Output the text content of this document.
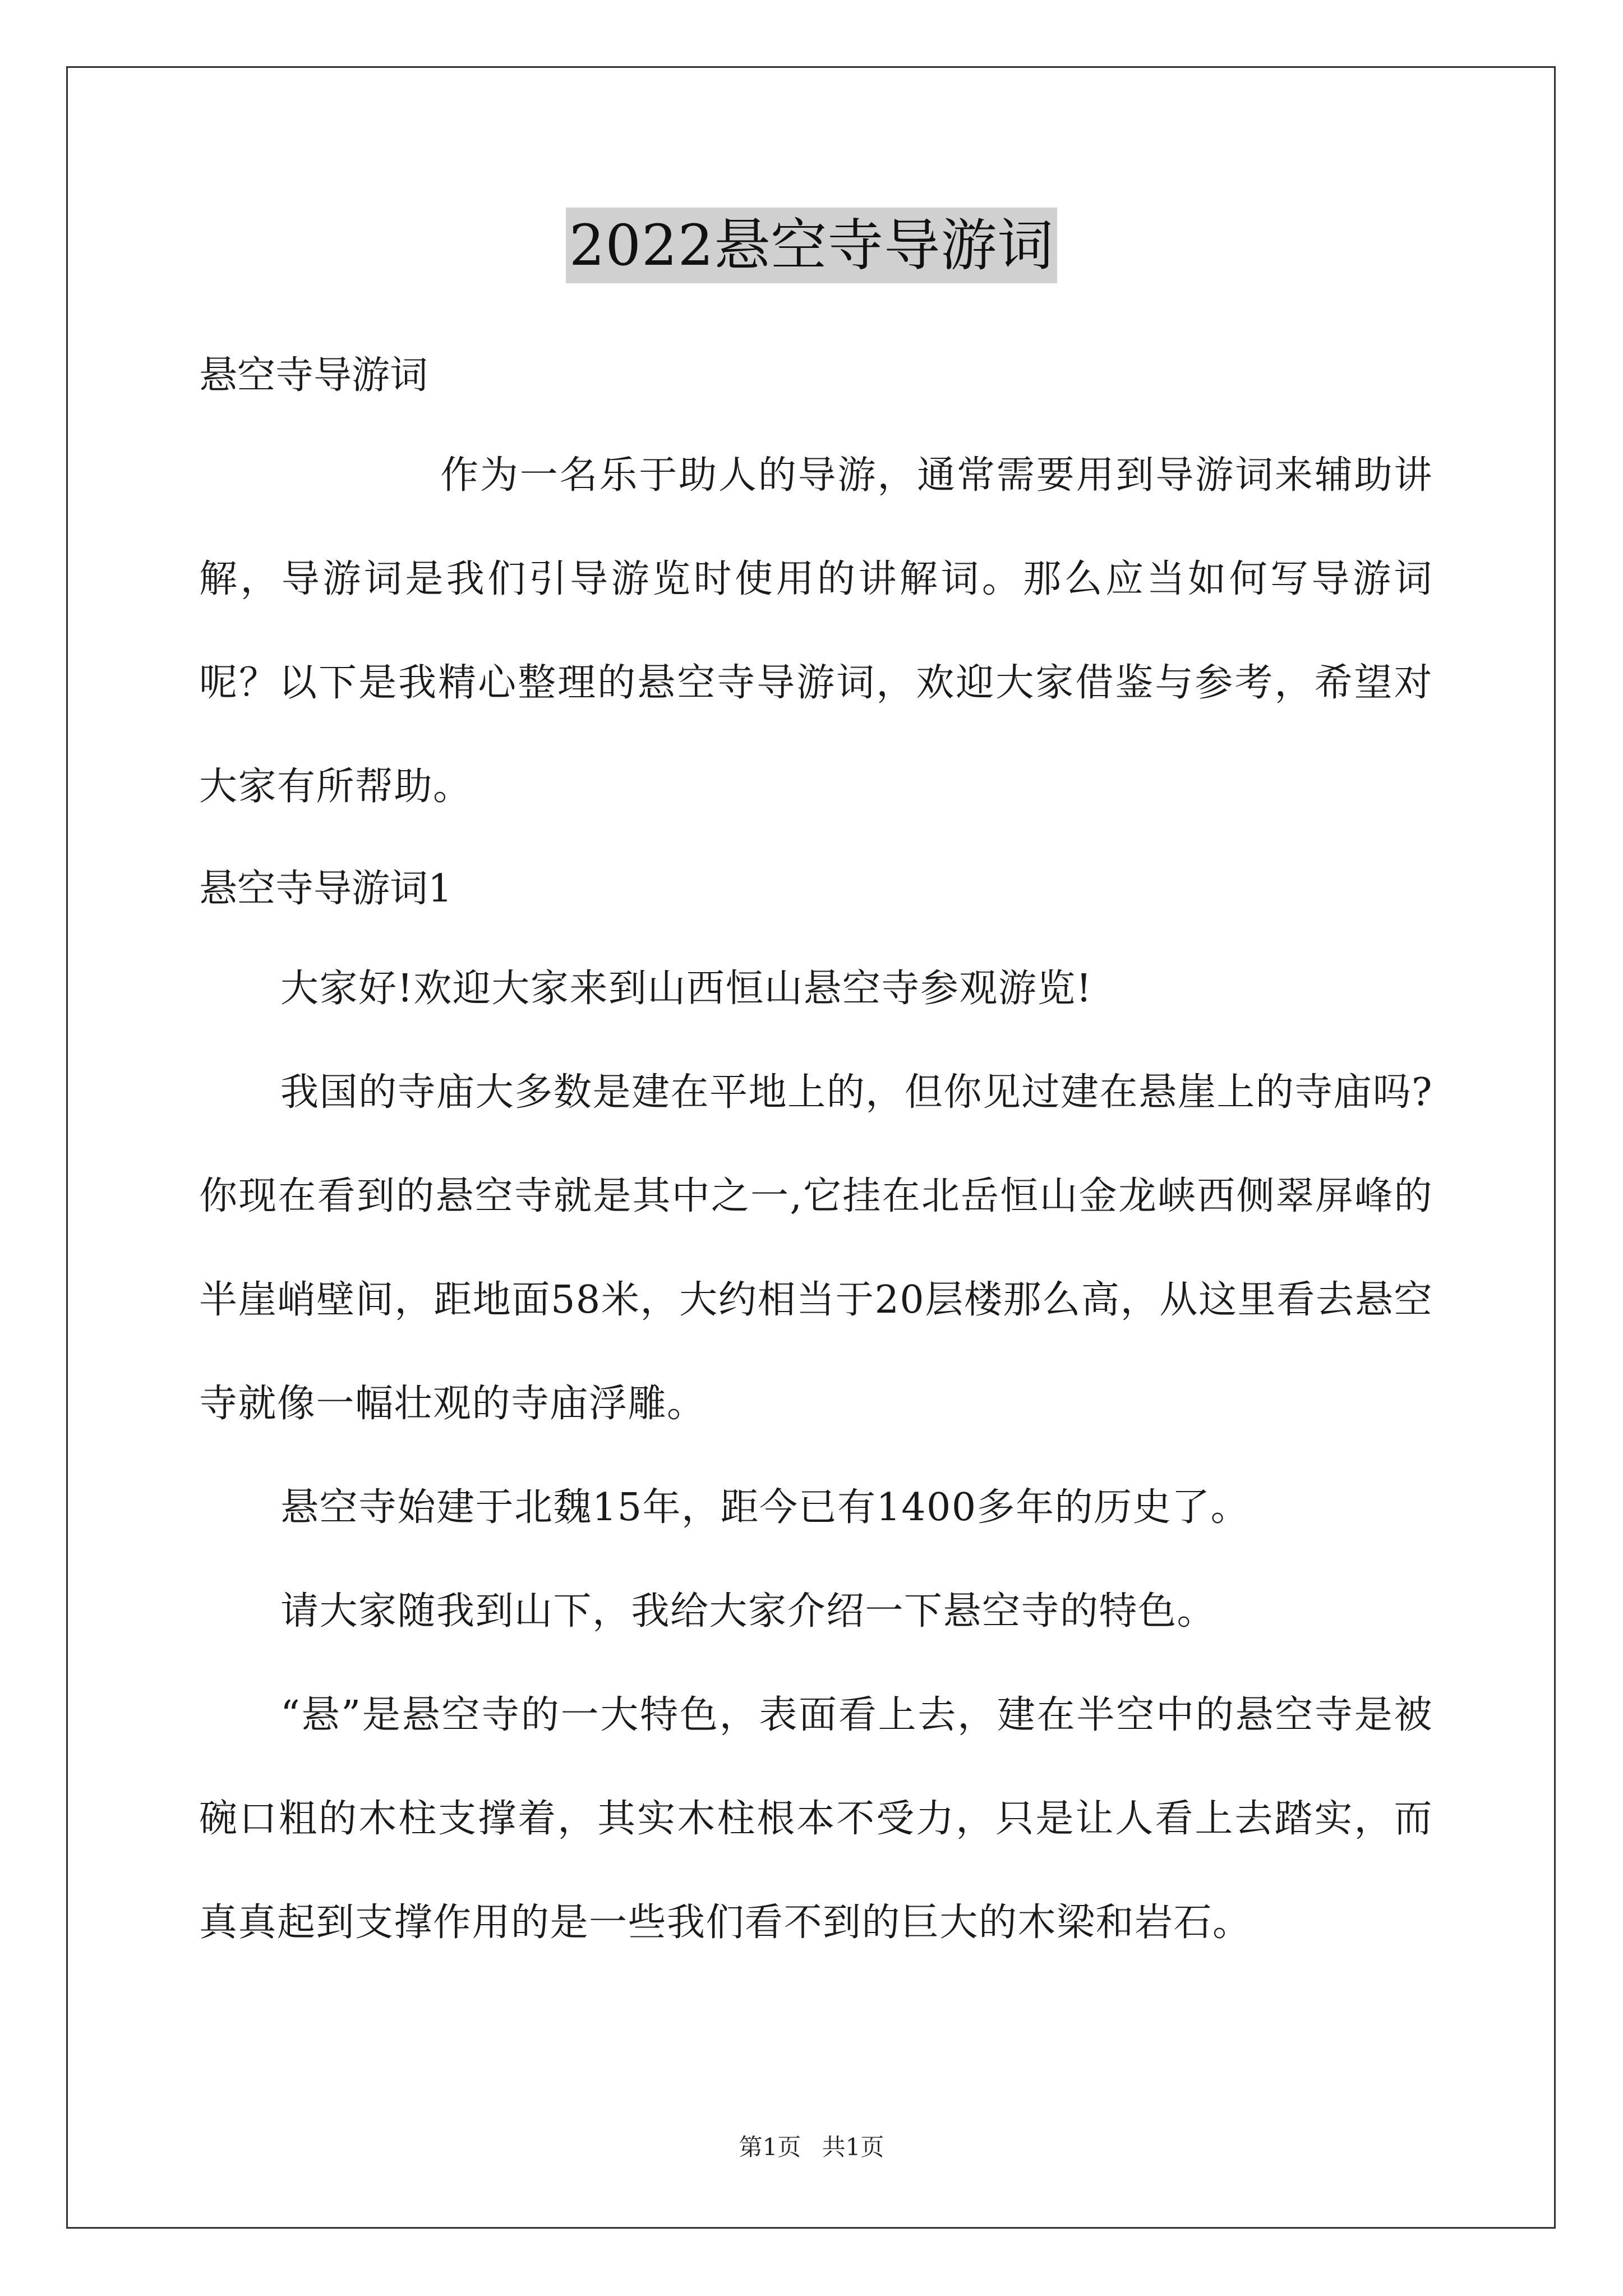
2022悬空寺导游词

悬空寺导游词

作为一名乐于助人的导游，通常需要用到导游词来辅助讲解，导游词是我们引导游览时使用的讲解词。那么应当如何写导游词呢？以下是我精心整理的悬空寺导游词，欢迎大家借鉴与参考，希望对大家有所帮助。

悬空寺导游词1

大家好!欢迎大家来到山西恒山悬空寺参观游览!

我国的寺庙大多数是建在平地上的，但你见过建在悬崖上的寺庙吗?你现在看到的悬空寺就是其中之一,它挂在北岳恒山金龙峡西侧翠屏峰的半崖峭壁间，距地面58米，大约相当于20层楼那么高，从这里看去悬空寺就像一幅壮观的寺庙浮雕。

悬空寺始建于北魏15年，距今已有1400多年的历史了。

请大家随我到山下，我给大家介绍一下悬空寺的特色。

“悬”是悬空寺的一大特色，表面看上去，建在半空中的悬空寺是被碗口粗的木柱支撑着，其实木柱根本不受力，只是让人看上去踏实，而真真起到支撑作用的是一些我们看不到的巨大的木梁和岩石。

第1页 共1页
